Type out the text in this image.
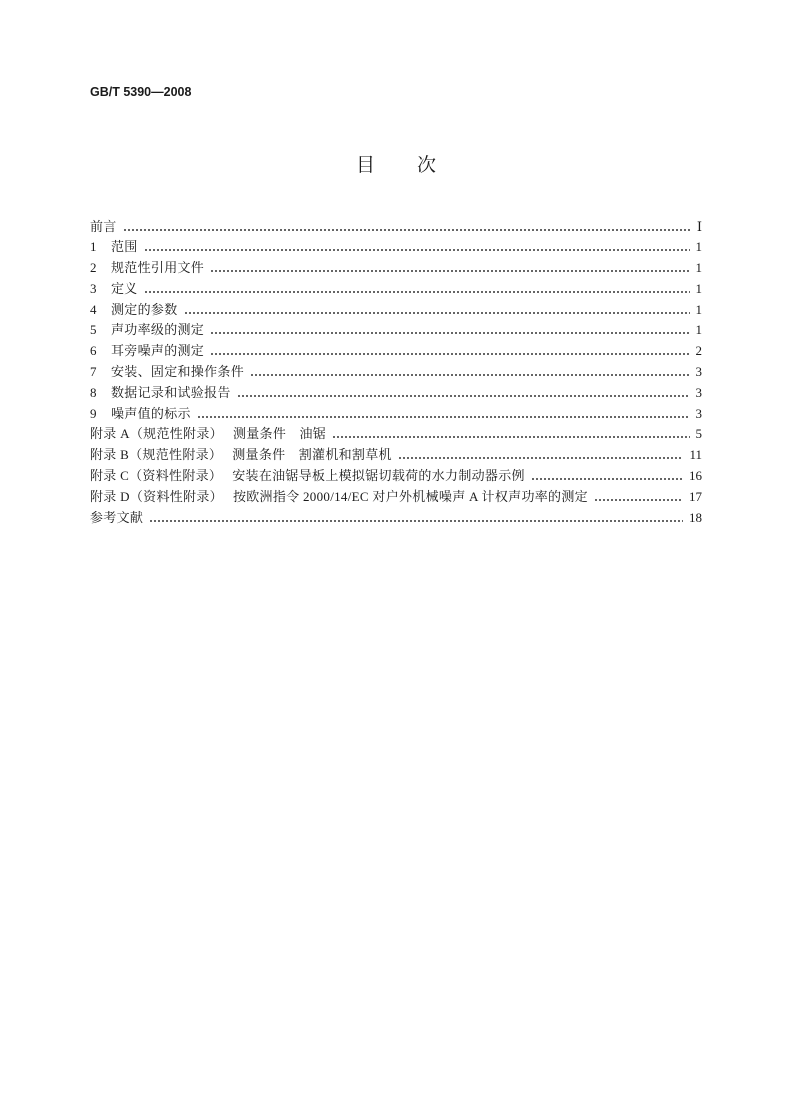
GB/T 5390—2008
目次
前言	Ⅰ
1	范围	1
2	规范性引用文件	1
3	定义	1
4	测定的参数	1
5	声功率级的测定	1
6	耳旁噪声的测定	2
7	安装、固定和操作条件	3
8	数据记录和试验报告	3
9	噪声值的标示	3
附录 A （规范性附录） 测量条件　油锯	5
附录 B （规范性附录） 测量条件　割灌机和割草机	11
附录 C （资料性附录） 安装在油锯导板上模拟锯切载荷的水力制动器示例	16
附录 D （资料性附录） 按欧洲指令 2000/14/EC 对户外机械噪声 A 计权声功率的测定	17
参考文献	18
